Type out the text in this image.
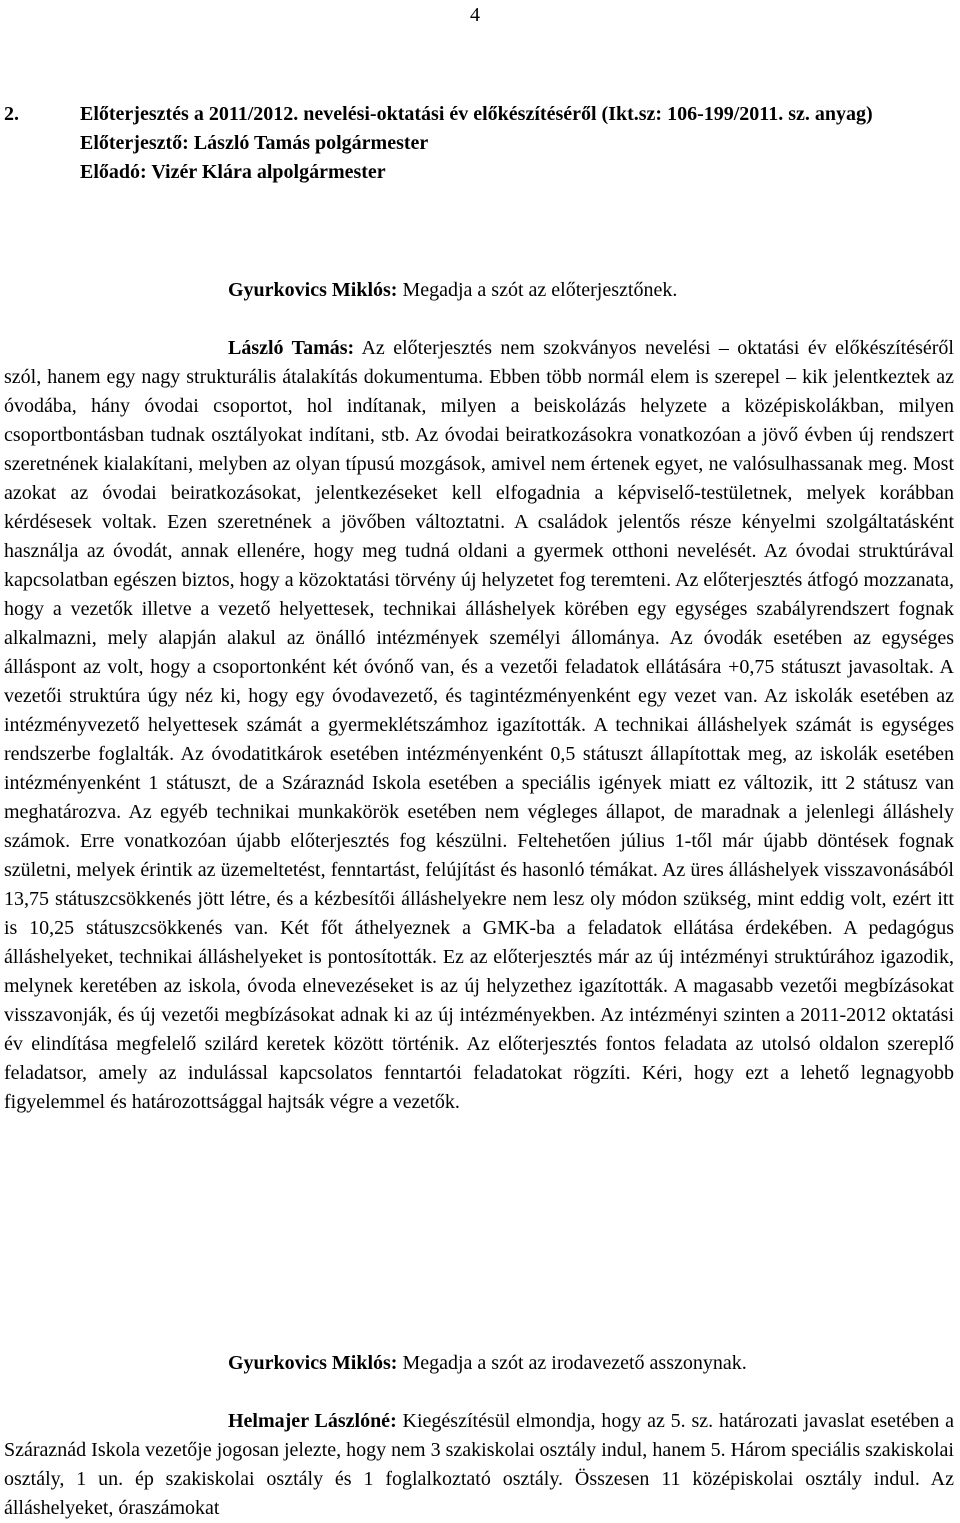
4
2.	Előterjesztés a 2011/2012. nevelési-oktatási év előkészítéséről (Ikt.sz: 106-199/2011. sz. anyag)
Előterjesztő: László Tamás polgármester
Előadó: Vizér Klára alpolgármester
Gyurkovics Miklós: Megadja a szót az előterjesztőnek.

László Tamás: Az előterjesztés nem szokványos nevelési – oktatási év előkészítéséről szól, hanem egy nagy strukturális átalakítás dokumentuma. Ebben több normál elem is szerepel – kik jelentkeztek az óvodába, hány óvodai csoportot, hol indítanak, milyen a beiskolázás helyzete a középiskolákban, milyen csoportbontásban tudnak osztályokat indítani, stb. Az óvodai beiratkozásokra vonatkozóan a jövő évben új rendszert szeretnének kialakítani, melyben az olyan típusú mozgások, amivel nem értenek egyet, ne valósulhassanak meg. Most azokat az óvodai beiratkozásokat, jelentkezéseket kell elfogadnia a képviselő-testületnek, melyek korábban kérdésesek voltak. Ezen szeretnének a jövőben változtatni. A családok jelentős része kényelmi szolgáltatásként használja az óvodát, annak ellenére, hogy meg tudná oldani a gyermek otthoni nevelését. Az óvodai struktúrával kapcsolatban egészen biztos, hogy a közoktatási törvény új helyzetet fog teremteni. Az előterjesztés átfogó mozzanata, hogy a vezetők illetve a vezető helyettesek, technikai álláshelyek körében egy egységes szabályrendszert fognak alkalmazni, mely alapján alakul az önálló intézmények személyi állománya. Az óvodák esetében az egységes álláspont az volt, hogy a csoportonként két óvónő van, és a vezetői feladatok ellátására +0,75 státuszt javasoltak. A vezetői struktúra úgy néz ki, hogy egy óvodavezető, és tagintézményenként egy vezet van. Az iskolák esetében az intézményvezető helyettesek számát a gyermeklétszámhoz igazították. A technikai álláshelyek számát is egységes rendszerbe foglalták. Az óvodatitkárok esetében intézményenként 0,5 státuszt állapítottak meg, az iskolák esetében intézményenként 1 státuszt, de a Száraznád Iskola esetében a speciális igények miatt ez változik, itt 2 státusz van meghatározva. Az egyéb technikai munkakörök esetében nem végleges állapot, de maradnak a jelenlegi álláshely számok. Erre vonatkozóan újabb előterjesztés fog készülni. Feltehetően július 1-től már újabb döntések fognak születni, melyek érintik az üzemeltetést, fenntartást, felújítást és hasonló témákat. Az üres álláshelyek visszavonásából 13,75 státuszcsökkenés jött létre, és a kézbesítői álláshelyekre nem lesz oly módon szükség, mint eddig volt, ezért itt is 10,25 státuszcsökkenés van. Két főt áthelyeznek a GMK-ba a feladatok ellátása érdekében. A pedagógus álláshelyeket, technikai álláshelyeket is pontosították. Ez az előterjesztés már az új intézményi struktúrához igazodik, melynek keretében az iskola, óvoda elnevezéseket is az új helyzethez igazították. A magasabb vezetői megbízásokat visszavonják, és új vezetői megbízásokat adnak ki az új intézményekben. Az intézményi szinten a 2011-2012 oktatási év elindítása megfelelő szilárd keretek között történik. Az előterjesztés fontos feladata az utolsó oldalon szereplő feladatsor, amely az indulással kapcsolatos fenntartói feladatokat rögzíti. Kéri, hogy ezt a lehető legnagyobb figyelemmel és határozottsággal hajtsák végre a vezetők.

Gyurkovics Miklós: Megadja a szót az irodavezető asszonynak.

Helmajer Lászlóné: Kiegészítésül elmondja, hogy az 5. sz. határozati javaslat esetében a Száraznád Iskola vezetője jogosan jelezte, hogy nem 3 szakiskolai osztály indul, hanem 5. Három speciális szakiskolai osztály, 1 un. ép szakiskolai osztály és 1 foglalkoztató osztály. Összesen 11 középiskolai osztály indul. Az álláshelyeket, óraszámokat
